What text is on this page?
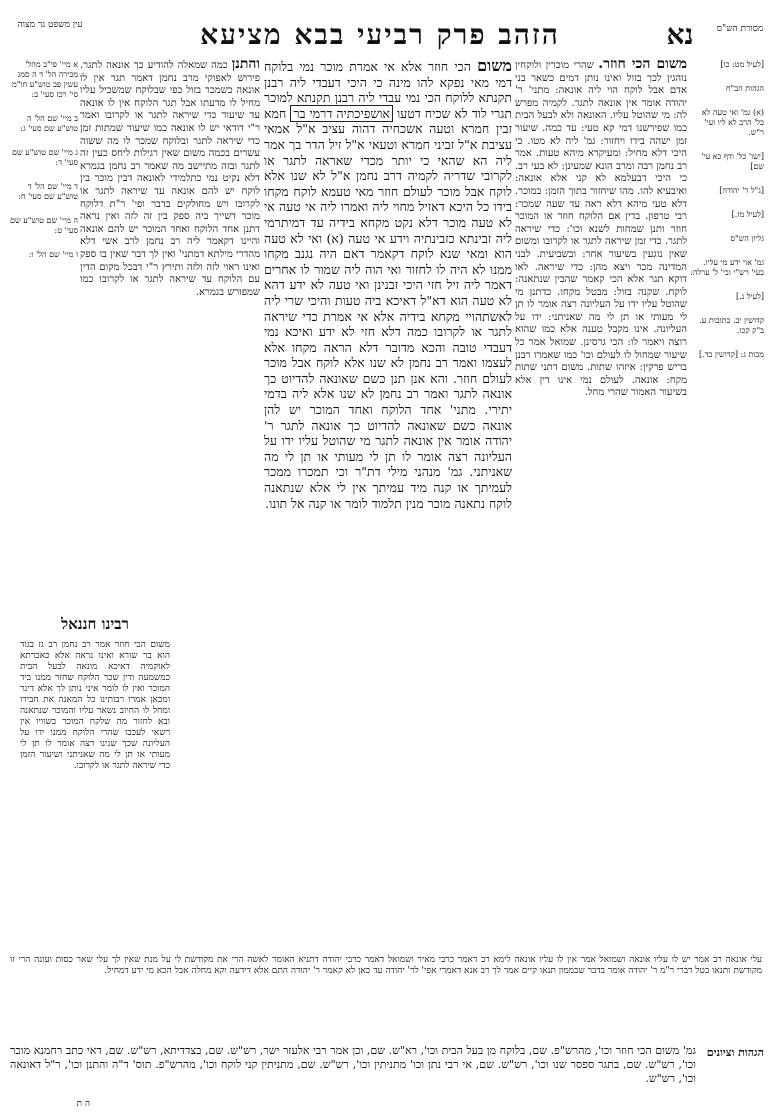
עין משפט נר מצוה	הזהב פרק רביעי בבא מציעא	נא	מסורת הש"ס
א מיי' פי"ב מהל' מכירה הל' ד ה סמג עשין פב טוש"ע חו"מ סי' רכז סעי' ב:
ב מיי' שם הל' ה טוש"ע שם סעי' ג:
ג מיי' שם טוש"ע שם סעי' ד:
ד מיי' שם הל' ד טוש"ע שם סעי' ח:
ה מיי' שם טוש"ע שם סעי' ט:
ו מיי' שם הל' ו:
[לעיל מט: כו]
הגהות הב"ח
(א) גמ' ואי טעה לא כל' הרב לא ליו ועי' ר"ש.
[ישו' כל' ודף כא עי' שם]
[ג"ל ר' יהודה]
[לעיל מז.]
גליון הש"ס
גמ' אוי ידע מי עליו. בעי' רש"י ובי' ל' ערלה:
[לעיל נ.]
קדושין יב. כתובות ע. ב"ק קכו.
מכות ג: [קדושין כד.]
והתנן כמה שמאלה להודיע כך אונאה לתגר. פירוש לאפוקי מרב נחמן דאמר תגר אין לו אונאה כשמכר בזול כפי שבלוקח שמשכיל עליו מחיל לו מדעתו אבל תגר הלוקח אין לו אונאה עד שיעור כדי שיראה לתגר או לקרובו ואמר ר"י דודאי יש לו אונאה כמו שיעור שמתות זמן כדי שיראה לתגר ובלוקח שמכר לו מה ששוה עשרים בכמה משום שאין רגילות ליחס כעין זה לתגר ובזה מתיישב מה שאמר רב נחמן בגמרא דלא נקיט נמי כתלמידי לאונאה דבין מוכר בין לוקח יש להם אונאה עד שיראה לתגר או לקרובו ויש מחולקים בדבר ופי' ר"ת דלוקח מוכר דשייך ביה ספק בין זה לזה ואין נראה דתנן אחד הלוקח ואחד המוכר יש להם אונאה והיינו דקאמר ליה רב נחמן לרב אשי דלא מהדרי מילתא דמתני' ואין לך דבר שאין בו ספק ואינו ראוי לזה ולזה ותירץ ר"י דבכל מקום הדין עם הלוקח עד שיראה לתגר או לקרובו כמו שמפורש בגמרא.
משום הכי חוזר אלא אי אמרת מוכר נמי בלוקח דמי מאי נפקא להו מינה כי היכי דעבדי ליה רבנן תקנתא ללוקח הכי נמי עבדי ליה רבנן תקנתא למוכר תגרי לוד לא שכיח דטעו אושפיכתיה דרמי בר חמא זבין חמרא וטעה אשכחיה דהוה עציב א"ל אמאי עציבת א"ל זביני חמרא וטעאי א"ל זיל הדר בך אמר ליה הא שהאי כי יותר מכדי שאראה לתגר או לקרובי שדריה לקמיה דרב נחמן א"ל לא שנו אלא לוקח אבל מוכר לעולם חוזר מאי טעמא לוקח מקחו בידו כל היכא דאזיל מחוי ליה ואמרו ליה אי טעה אי לא טעה מוכר דלא נקט מקחא בידיה עד דמיתרמי ליה זבינתא כזבינתיה וידע אי טעה (א) ואי לא טעה הוא ומאי שנא לוקח דקאמר דאם היה נגנב מקחו ממנו לא היה לו לחזור ואי הוה ליה שמור לו אחרים דאמר ליה זיל חזי היכי זבנינן ואי טעה לא ידע דהא לא טעה הוא דא"ל דאיכא ביה טעות והיכי שרי ליה לאשתהויי מקחא בידיה אלא אי אמרת כדי שיראה לתגר או לקרובו כמה דלא חזי לא ידע ואיכא נמי דעבדי טובה והכא מדובר דלא הראה מקחו אלא לעצמו ואמר רב נחמן לא שנו אלא לוקח אבל מוכר לעולם חוזר. והא אנן תנן כשם שאונאה להדיוט כך אונאה לתגר ואמר רב נחמן לא שנו אלא ליה בדמי יתירי. מתני' אחד הלוקח ואחד המוכר יש להן אונאה כשם שאונאה להדיוט כך אונאה לתגר ר' יהודה אומר אין אונאה לתגר מי שהוטל עליו ידו על העליונה רצה אומר לו תן לי מעותי או תן לי מה שאניתני. גמ' מנהני מילי דת"ר וכי תמכרו ממכר לעמיתך או קנה מיד עמיתך אין לי אלא שנתאנה לוקח נתאנה מוכר מנין תלמוד לומר או קנה אל תונו.
משום הכי חוזר. שהרי מוכרין ולוקחין נוהגין לכך בזול ואינו נותן דמים כשאר בני אדם אבל לוקח הוי ליה אונאה: מתני' ר' יהודה אומר אין אונאה לתגר. לקמיה מפרש לה: מי שהוטל עליו. האונאה ולא לבעל הבית כמו שפירשנו דמי קא טעי: עד כמה. שיעור זמן ישהה בידו ויחזור: גמ' ליה לא מטו. כי היכי דלא מחיל: ומעיקרא מיהא טעות. אמר רב נחמן רבה ומרב הונא שמעינן: לא בעי רב. כי היכי דבעלמא לא קני אלא אונאה: ואיבעיא להו. מהו שיחזור בתוך הזמן: במוכר. דלא טעי מיהא דלא ראה עד שעה שמכר: רבי טרפון. בדין אם הלוקח חוזר או המוכר חוזר ותנן שמחות לשנא וכו': כדי שיראה לתגר. כדי זמן שיראה לתגר או לקרובו ומשום שאין נוגעין בשיעור אחר: ובשביעית. לבני המדינה מכר ויצא מהן: כדי שיראה. לאו דוקא תגר אלא הכי קאמר שהבין שנתאנה: לוקח. שקנה בזול: מבטל מקחו. כדתנן מי שהוטל עליו ידו על העליונה רצה אומר לו תן לי מעותי או תן לי מה שאניתני: ידו על העליונה. אינו מקבל טענה אלא כמו שהוא רוצה ויאמר לו: הכי גרסינן. שמואל אמר כל שיעור שמחול לו לעולם וכו' כמו שאמרו רבנן בריש פרקין: איזהו שתות. משום דתני שתות מקח: אונאה. לעולם נמי אינו דין אלא בשיעור האמור שהרי מחל.
רבינו חננאל
משום הכי חוזר אמר רב נחמן רב גז בגוד הוא בר שורא ואינו נראה אלא כאכרתא לאוקמיה דאיכא מונאה לבעל הבית כמשמעה ודין שכר הלוקח שחזר ממנו ביד המוכר ואין לו לומר איני נותן לך אלא דינר ומכאן אמרו רבותינו כל המאנה את חבירו ומחל לו החיוב נשאר עליו והמוכר שנתאנה ובא לחזור מה שלקח המוכר בשוויו אין רשאי לעכבו שהרי הלוקח ממנו ידו על העליונה שכך שנינו רצה אומר לו תן לי מעותי או תן לי מה שאניתני ושיעור הזמן כדי שיראה לתגר או לקרובו.
עלי אונאה רב אמר יש לו עליו אונאה ושמואל אמר אין לו עליו אונאה לימא רב דאמר כרבי מאיר ושמואל דאמר כרבי יהודה דתניא האומר לאשה הרי את מקודשת לי על מנת שאין לך עלי שאר כסות ועונה הרי זו מקודשת ותנאו בטל דברי ר"מ ר' יהודה אומר בדבר שבממון תנאו קיים אמר לך רב אנא דאמרי אפי' לר' יהודה עד כאן לא קאמר ר' יהודה התם אלא דידעה וקא מחלה אבל הכא מי ידע דמחיל.
הגהות וציונים
גמ' משום הכי חוזר וכו', מהרש"פ. שם, בלוקח מן בעל הבית וכו', רא"ש. שם, וכן אמר רבי אלעזר ישר, רש"ש. שם, בצדדיתא, רש"ש. שם, דאי כתב רחמנא מוכר וכו', רש"ש. שם, בתגר ספסר שנו וכו', רש"ש. שם, אי רבי נתן וכו' מתניתין וכו', רש"ש. שם, מתניתין קני לוקח וכו', מהרש"פ. תוס' ד"ה והתנן וכו', ר"ל דאונאה וכו', רש"ש.
ה ת
